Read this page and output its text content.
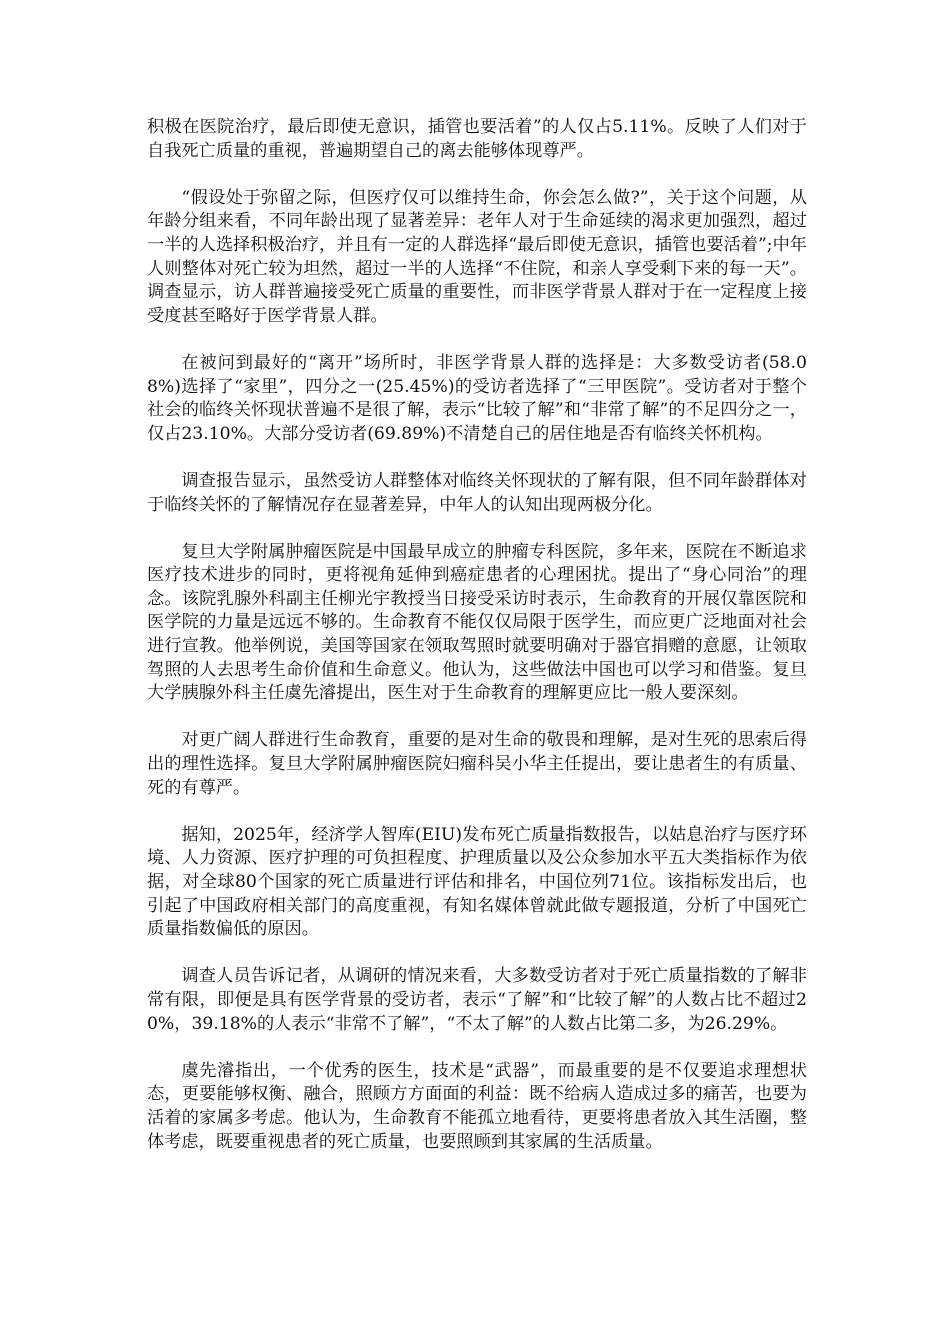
积极在医院治疗，最后即使无意识，插管也要活着”的人仅占5.11%。反映了人们对于自我死亡质量的重视，普遍期望自己的离去能够体现尊严。

“假设处于弥留之际，但医疗仅可以维持生命，你会怎么做?”，关于这个问题，从年龄分组来看，不同年龄出现了显著差异：老年人对于生命延续的渴求更加强烈，超过一半的人选择积极治疗，并且有一定的人群选择“最后即使无意识，插管也要活着”;中年人则整体对死亡较为坦然，超过一半的人选择“不住院，和亲人享受剩下来的每一天”。调查显示，访人群普遍接受死亡质量的重要性，而非医学背景人群对于在一定程度上接受度甚至略好于医学背景人群。

在被问到最好的“离开”场所时，非医学背景人群的选择是：大多数受访者(58.08%)选择了“家里”，四分之一(25.45%)的受访者选择了“三甲医院”。受访者对于整个社会的临终关怀现状普遍不是很了解，表示“比较了解”和“非常了解”的不足四分之一，仅占23.10%。大部分受访者(69.89%)不清楚自己的居住地是否有临终关怀机构。

调查报告显示，虽然受访人群整体对临终关怀现状的了解有限，但不同年龄群体对于临终关怀的了解情况存在显著差异，中年人的认知出现两极分化。

复旦大学附属肿瘤医院是中国最早成立的肿瘤专科医院，多年来，医院在不断追求医疗技术进步的同时，更将视角延伸到癌症患者的心理困扰。提出了“身心同治”的理念。该院乳腺外科副主任柳光宇教授当日接受采访时表示，生命教育的开展仅靠医院和医学院的力量是远远不够的。生命教育不能仅仅局限于医学生，而应更广泛地面对社会进行宣教。他举例说，美国等国家在领取驾照时就要明确对于器官捐赠的意愿，让领取驾照的人去思考生命价值和生命意义。他认为，这些做法中国也可以学习和借鉴。复旦大学胰腺外科主任虞先濬提出，医生对于生命教育的理解更应比一般人要深刻。

对更广阔人群进行生命教育，重要的是对生命的敬畏和理解，是对生死的思索后得出的理性选择。复旦大学附属肿瘤医院妇瘤科吴小华主任提出，要让患者生的有质量、死的有尊严。

据知，2025年，经济学人智库(EIU)发布死亡质量指数报告，以姑息治疗与医疗环境、人力资源、医疗护理的可负担程度、护理质量以及公众参加水平五大类指标作为依据，对全球80个国家的死亡质量进行评估和排名，中国位列71位。该指标发出后，也引起了中国政府相关部门的高度重视，有知名媒体曾就此做专题报道，分析了中国死亡质量指数偏低的原因。

调查人员告诉记者，从调研的情况来看，大多数受访者对于死亡质量指数的了解非常有限，即便是具有医学背景的受访者，表示“了解”和“比较了解”的人数占比不超过20%，39.18%的人表示“非常不了解”，“不太了解”的人数占比第二多，为26.29%。

虞先濬指出，一个优秀的医生，技术是“武器”，而最重要的是不仅要追求理想状态，更要能够权衡、融合，照顾方方面面的利益：既不给病人造成过多的痛苦，也要为活着的家属多考虑。他认为，生命教育不能孤立地看待，更要将患者放入其生活圈，整体考虑，既要重视患者的死亡质量，也要照顾到其家属的生活质量。
